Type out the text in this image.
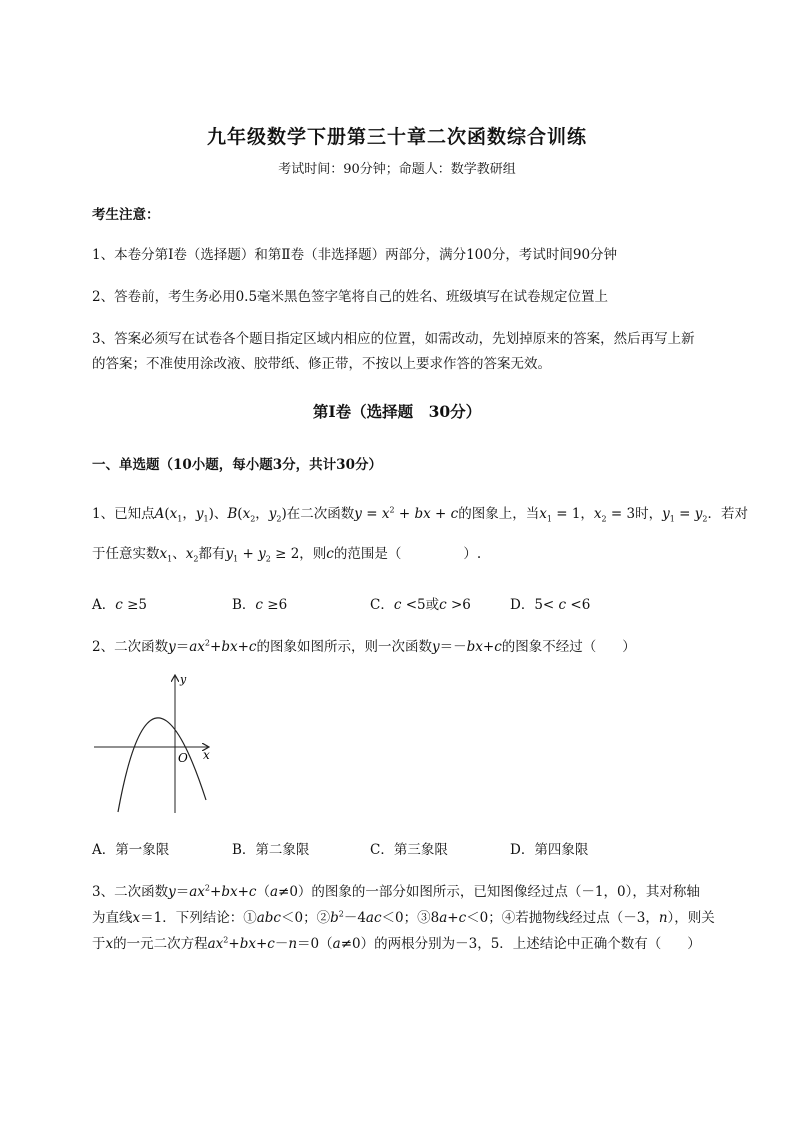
九年级数学下册第三十章二次函数综合训练
考试时间：90分钟；命题人：数学教研组
考生注意：
1、本卷分第I卷（选择题）和第Ⅱ卷（非选择题）两部分，满分100分，考试时间90分钟
2、答卷前，考生务必用0.5毫米黑色签字笔将自己的姓名、班级填写在试卷规定位置上
3、答案必须写在试卷各个题目指定区域内相应的位置，如需改动，先划掉原来的答案，然后再写上新
的答案；不准使用涂改液、胶带纸、修正带，不按以上要求作答的答案无效。
第I卷（选择题　30分）
一、单选题（10小题，每小题3分，共计30分）
1、已知点$A(x_1$，$y_1$)、$B(x_2$，$y_2$)在二次函数$y = x^2$ + bx + c的图象上，当$x_1 = 1$，$x_2 = 3$时，$y_1 = y_2$．若对
于任意实数$x_1$、$x_2$都有$y_1 + y_2 \ge 2$，则c的范围是（	）.
A．c ≥5	B．c ≥6	C．c <5或c >6	D．5< c <6
2、二次函数$y=ax^2+bx+c$的图象如图所示，则一次函数y＝－bx+c的图象不经过（ ）
y
x
O
A．第一象限	B．第二象限	C．第三象限	D．第四象限
3、二次函数$y=ax^2+bx+c(a\ne 0)$的图象的一部分如图所示，已知图像经过点（－1，0），其对称轴
为直线x＝1．下列结论：①abc＜0；$②b^2-4ac<0$；③8a+c＜0；④若抛物线经过点（－3，n），则关
于x的一元二次方程$ax^2+bx+c-n=0(a\ne 0)$的两根分别为－3，5．上述结论中正确个数有（ ）
